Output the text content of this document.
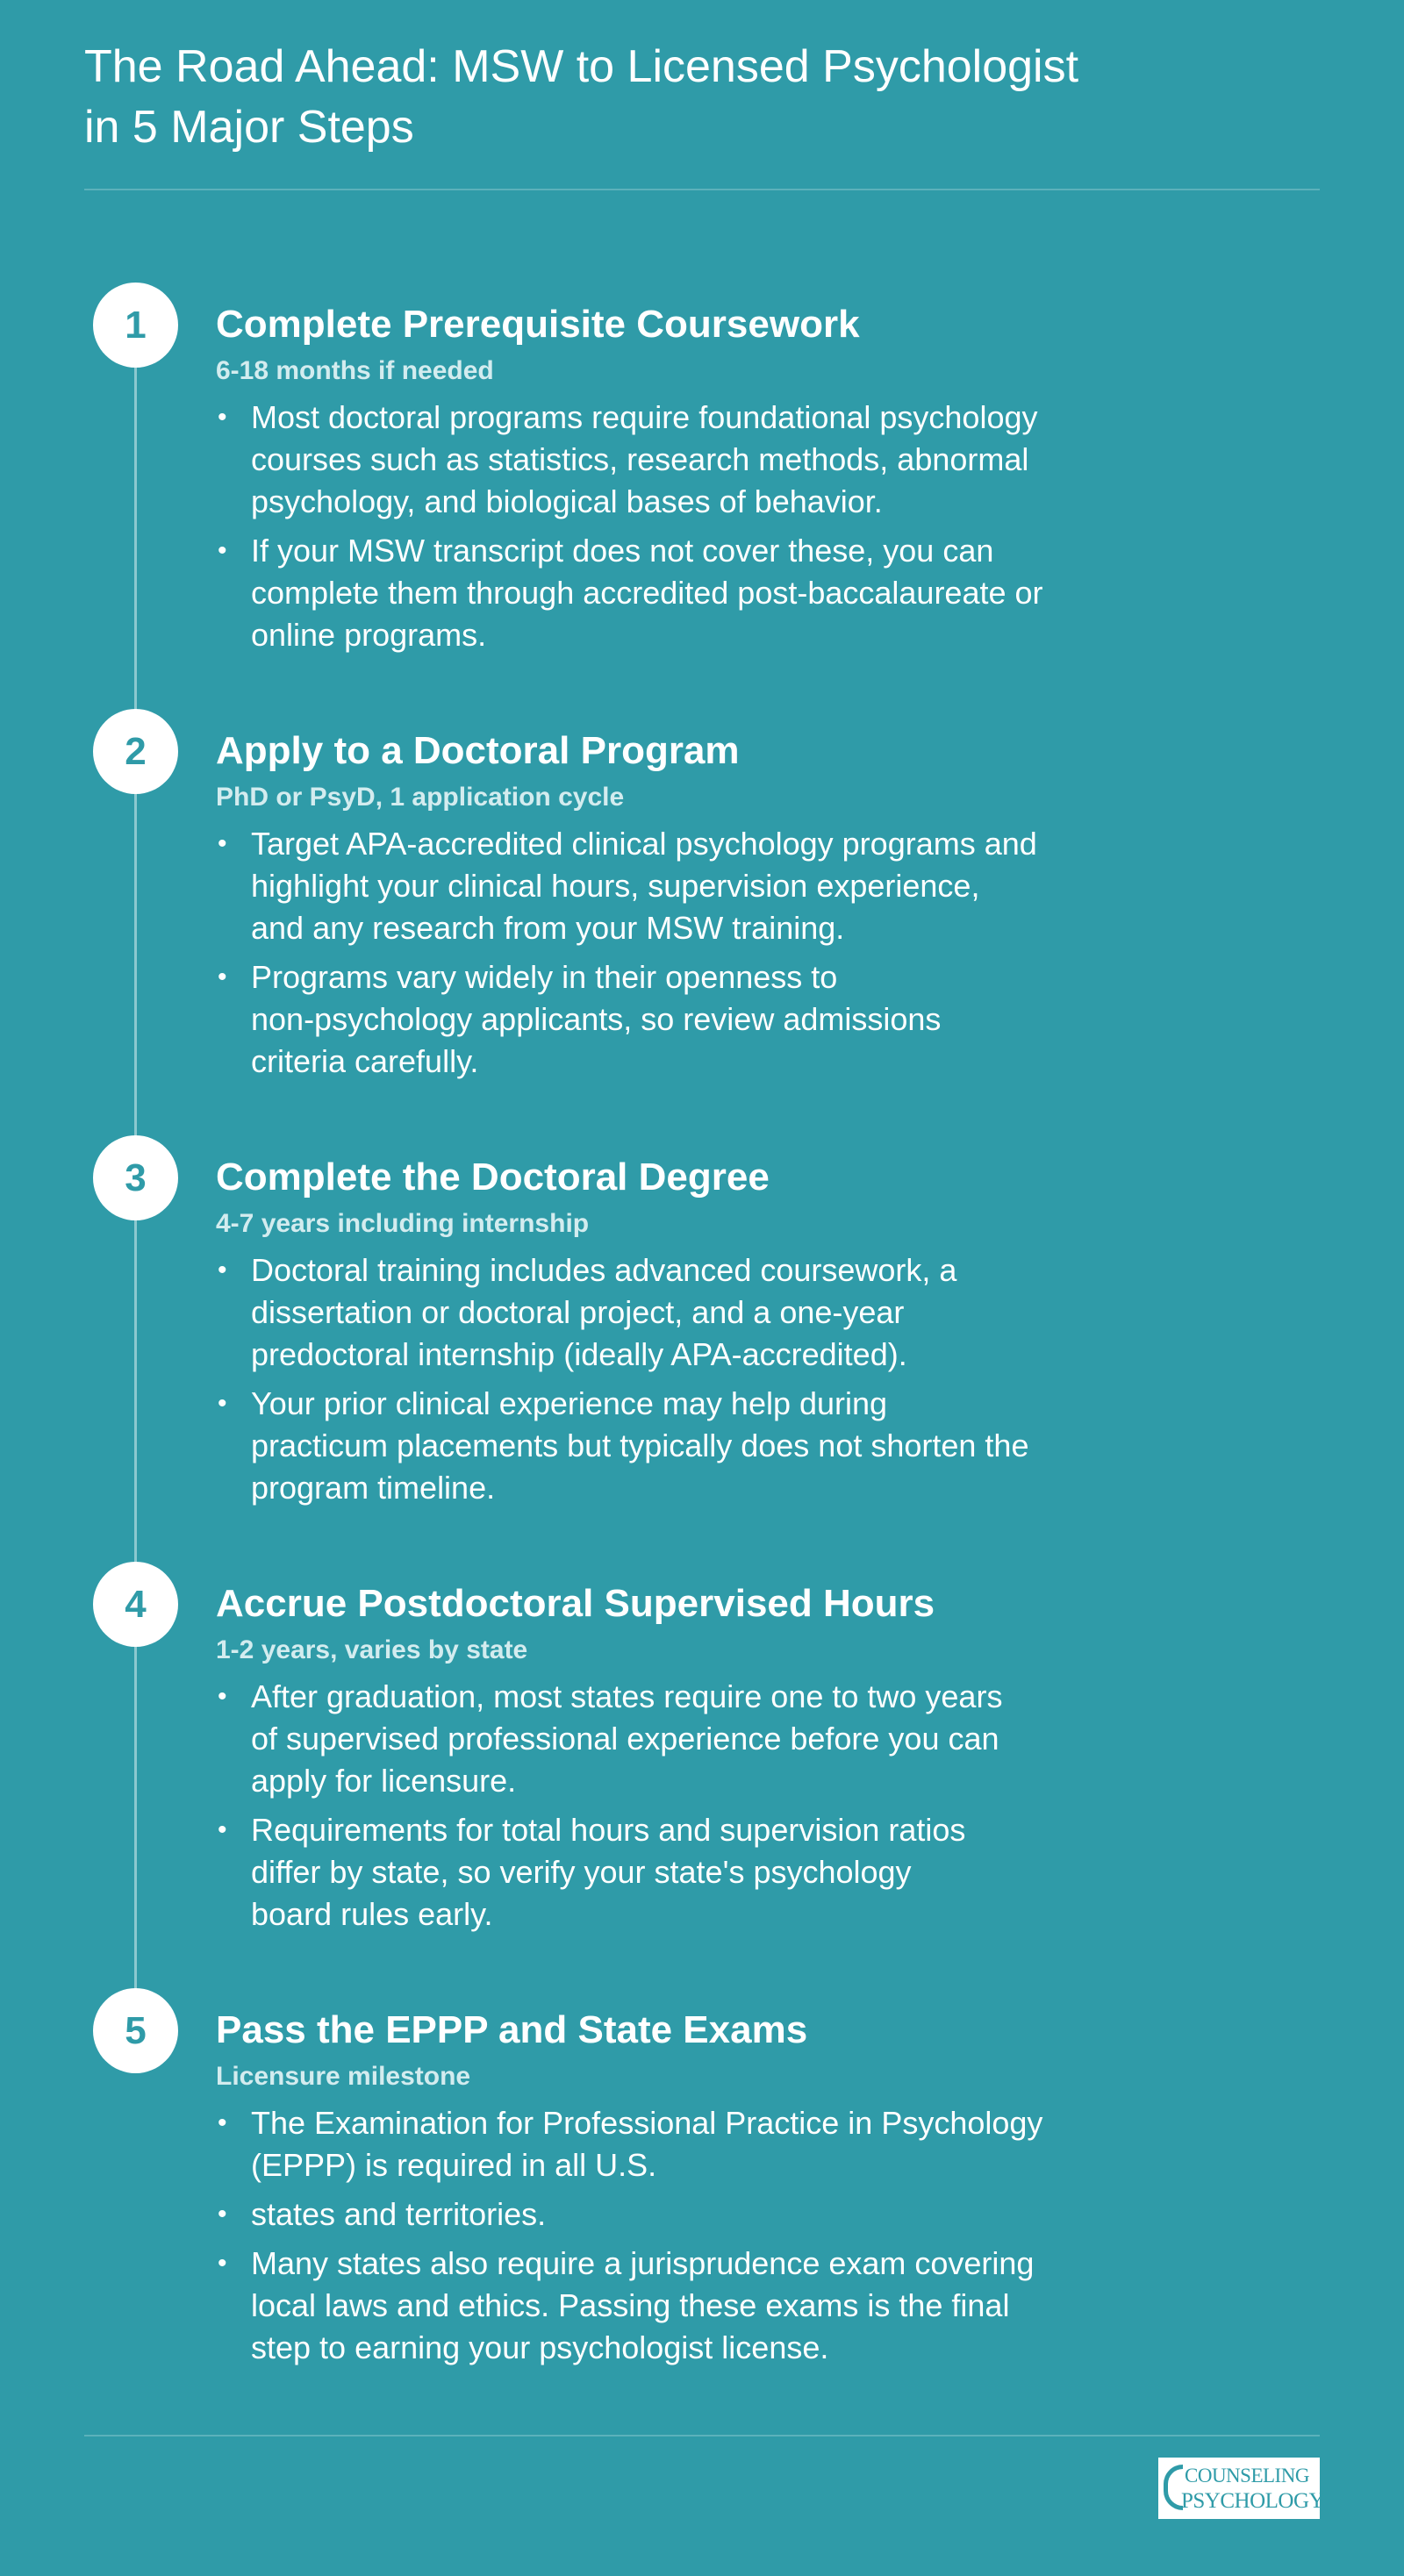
The Road Ahead: MSW to Licensed Psychologist
in 5 Major Steps
1	Complete Prerequisite Coursework
6-18 months if needed
• Most doctoral programs require foundational psychology
courses such as statistics, research methods, abnormal
psychology, and biological bases of behavior.
• If your MSW transcript does not cover these, you can
complete them through accredited post-baccalaureate or
online programs.
2	Apply to a Doctoral Program
PhD or PsyD, 1 application cycle
• Target APA-accredited clinical psychology programs and
highlight your clinical hours, supervision experience,
and any research from your MSW training.
• Programs vary widely in their openness to
non-psychology applicants, so review admissions
criteria carefully.
3	Complete the Doctoral Degree
4-7 years including internship
• Doctoral training includes advanced coursework, a
dissertation or doctoral project, and a one-year
predoctoral internship (ideally APA-accredited).
• Your prior clinical experience may help during
practicum placements but typically does not shorten the
program timeline.
4	Accrue Postdoctoral Supervised Hours
1-2 years, varies by state
• After graduation, most states require one to two years
of supervised professional experience before you can
apply for licensure.
• Requirements for total hours and supervision ratios
differ by state, so verify your state's psychology
board rules early.
5	Pass the EPPP and State Exams
Licensure milestone
• The Examination for Professional Practice in Psychology
(EPPP) is required in all U.S.
• states and territories.
• Many states also require a jurisprudence exam covering
local laws and ethics. Passing these exams is the final
step to earning your psychologist license.
COUNSELING
PSYCHOLOGY
